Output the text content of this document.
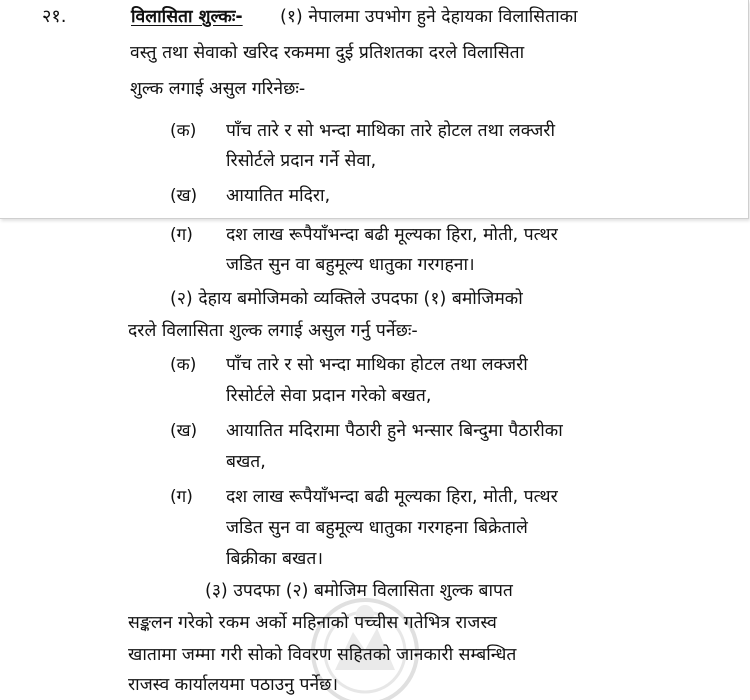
२१.	विलासिता शुल्कः- (१) नेपालमा उपभोग हुने देहायका विलासिताका
वस्तु तथा सेवाको खरिद रकममा दुई प्रतिशतका दरले विलासिता
शुल्क लगाई असुल गरिनेछः-
(क) पाँच तारे र सो भन्दा माथिका तारे होटल तथा लक्जरी
रिसोर्टले प्रदान गर्ने सेवा,
(ख) आयातित मदिरा,
(ग) दश लाख रूपैयाँभन्दा बढी मूल्यका हिरा, मोती, पत्थर
जडित सुन वा बहुमूल्य धातुका गरगहना।
(२) देहाय बमोजिमको व्यक्तिले उपदफा (१) बमोजिमको
दरले विलासिता शुल्क लगाई असुल गर्नु पर्नेछः-
(क) पाँच तारे र सो भन्दा माथिका होटल तथा लक्जरी
रिसोर्टले सेवा प्रदान गरेको बखत,
(ख) आयातित मदिरामा पैठारी हुने भन्सार बिन्दुमा पैठारीका
बखत,
(ग) दश लाख रूपैयाँभन्दा बढी मूल्यका हिरा, मोती, पत्थर
जडित सुन वा बहुमूल्य धातुका गरगहना बिक्रेताले
बिक्रीका बखत।
(३) उपदफा (२) बमोजिम विलासिता शुल्क बापत
सङ्कलन गरेको रकम अर्को महिनाको पच्चीस गतेभित्र राजस्व
खातामा जम्मा गरी सोको विवरण सहितको जानकारी सम्बन्धित
राजस्व कार्यालयमा पठाउनु पर्नेछ।
